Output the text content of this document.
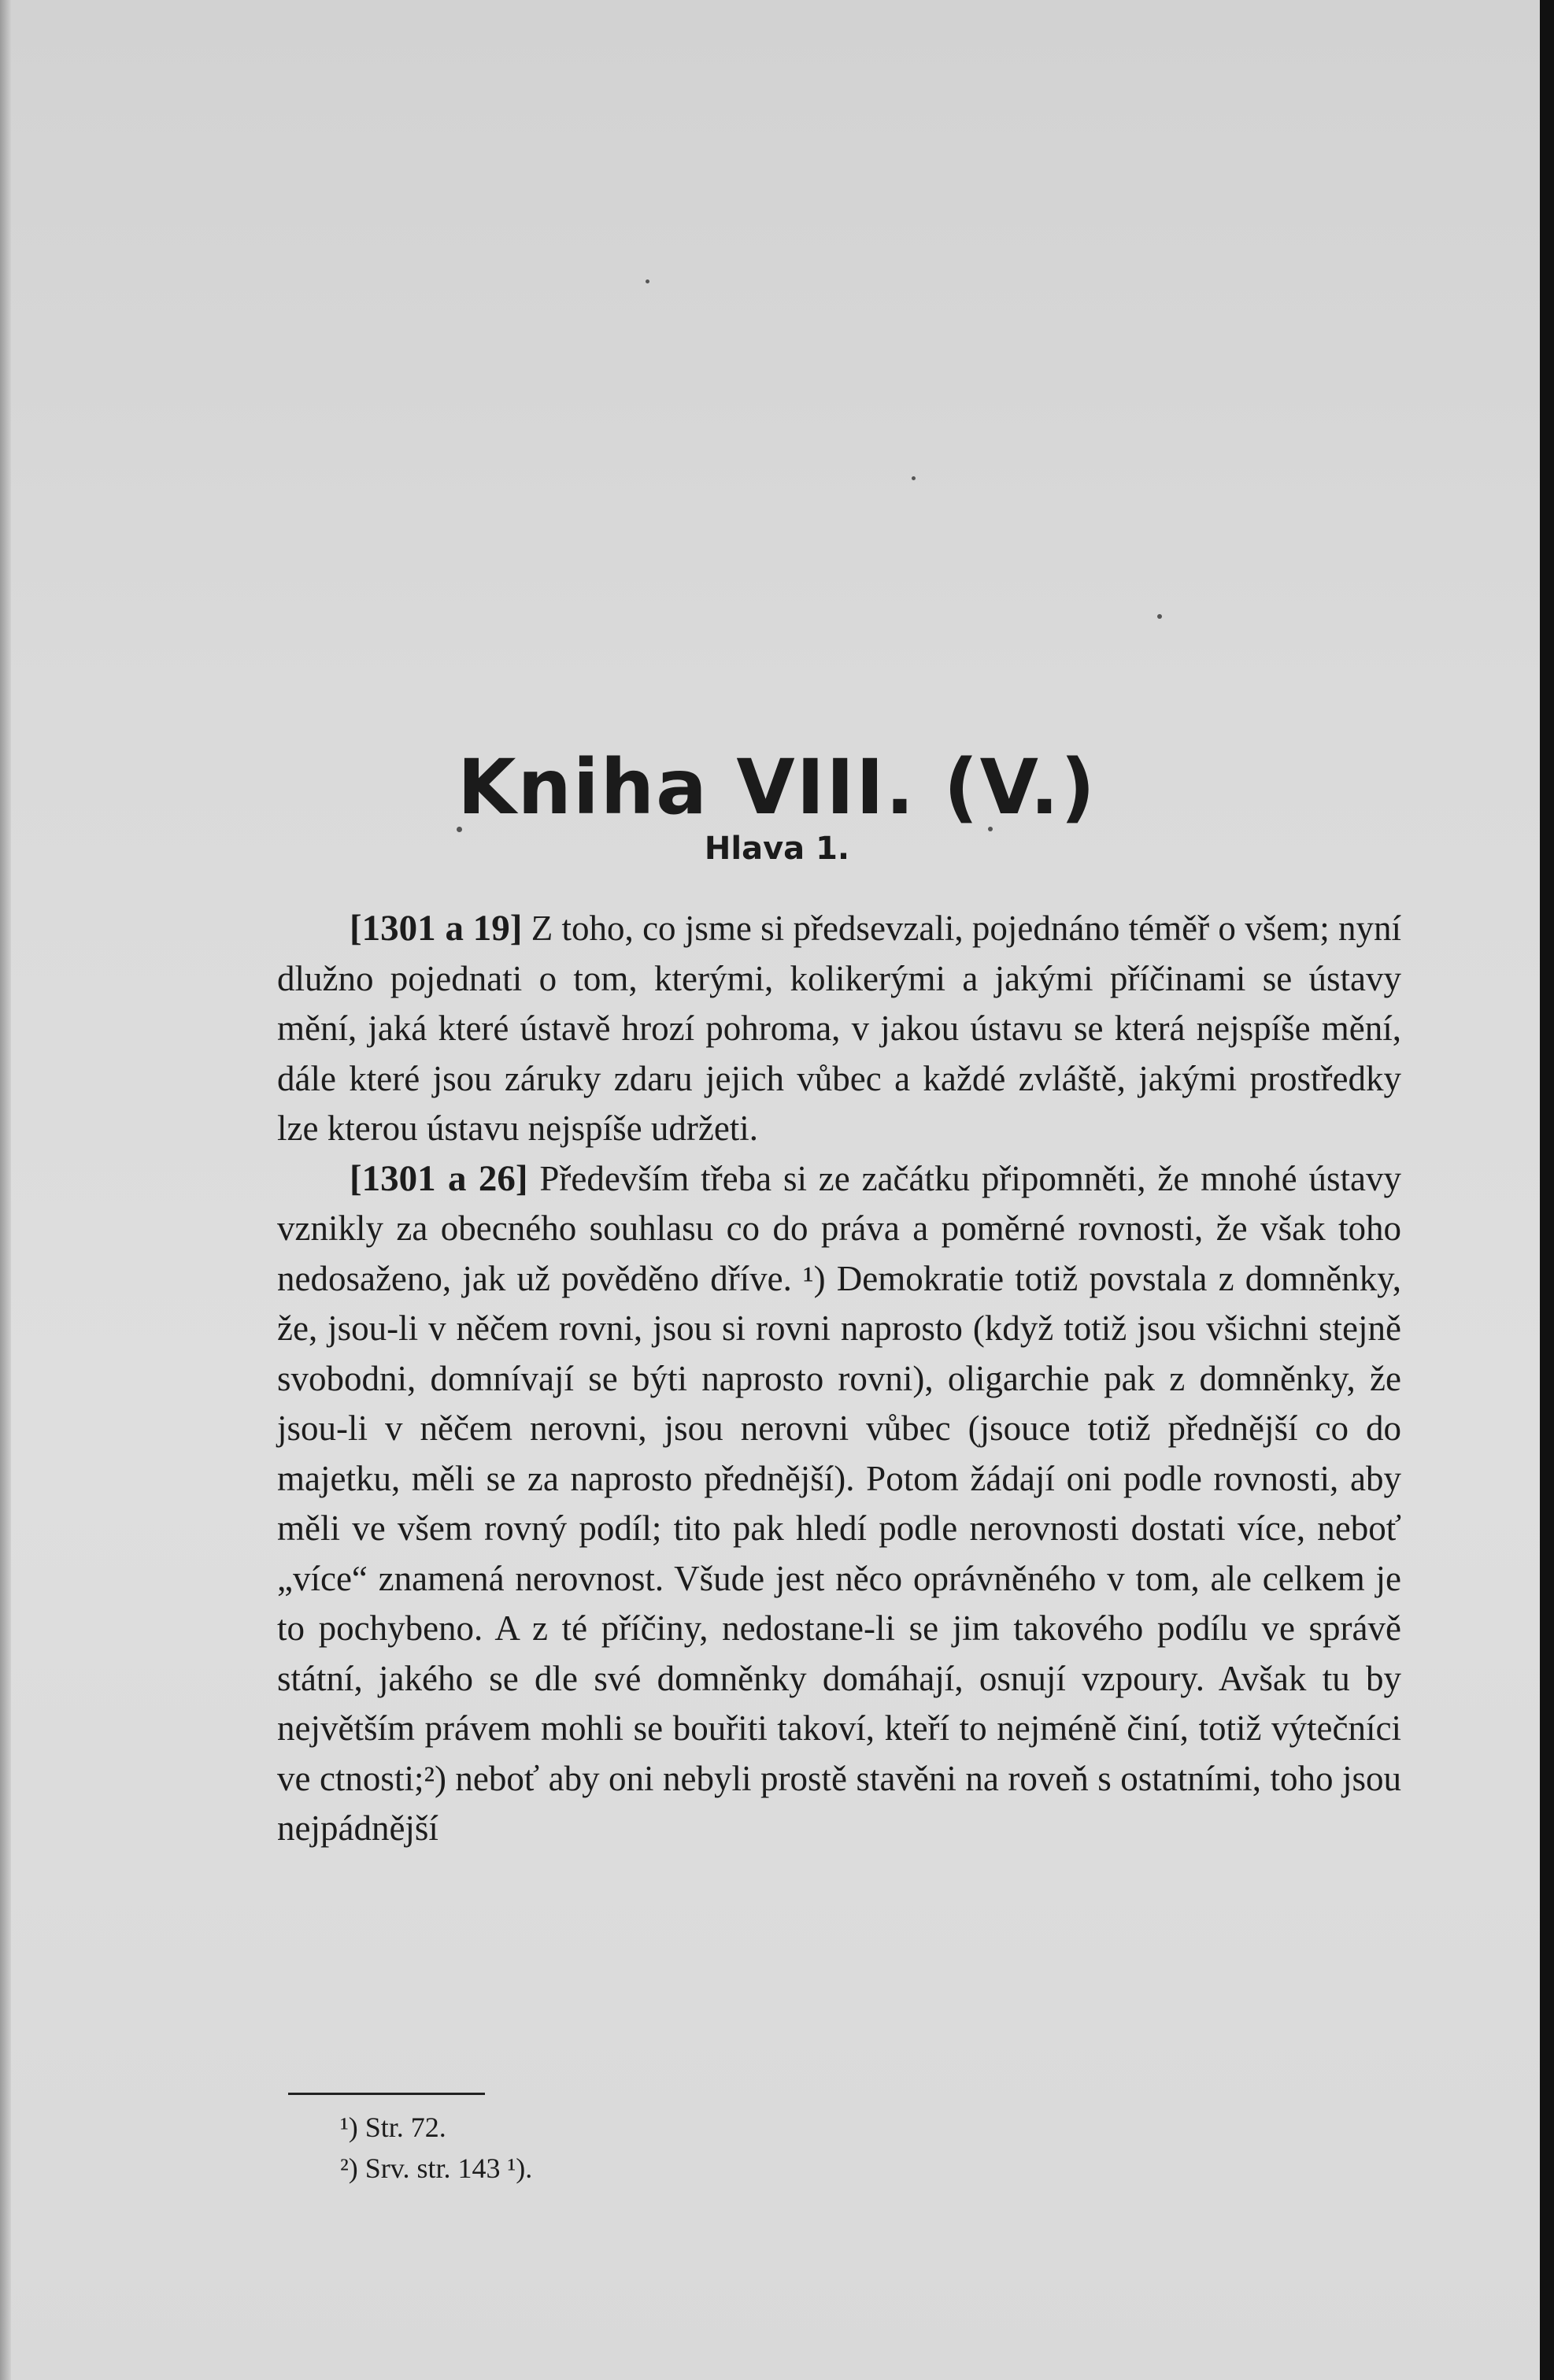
Kniha VIII. (V.)
Hlava 1.

[1301 a 19] Z toho, co jsme si předsevzali, pojednáno téměř o všem; nyní dlužno pojednati o tom, kterými, kolikerými a jakými příčinami se ústavy mění, jaká které ústavě hrozí pohroma, v jakou ústavu se která nejspíše mění, dále které jsou záruky zdaru jejich vůbec a každé zvláště, jakými prostředky lze kterou ústavu nejspíše udržeti.

[1301 a 26] Především třeba si ze začátku připomněti, že mnohé ústavy vznikly za obecného souhlasu co do práva a poměrné rovnosti, že však toho nedosaženo, jak už pověděno dříve. ¹) Demokratie totiž povstala z domněnky, že, jsou-li v něčem rovni, jsou si rovni naprosto (když totiž jsou všichni stejně svobodni, domnívají se býti naprosto rovni), oligarchie pak z domněnky, že jsou-li v něčem nerovni, jsou nerovni vůbec (jsouce totiž přednější co do majetku, měli se za naprosto přednější). Potom žádají oni podle rovnosti, aby měli ve všem rovný podíl; tito pak hledí podle nerovnosti dostati více, neboť „více“ znamená nerovnost. Všude jest něco oprávněného v tom, ale celkem je to pochybeno. A z té příčiny, nedostane-li se jim takového podílu ve správě státní, jakého se dle své domněnky domáhají, osnují vzpoury. Avšak tu by největším právem mohli se bouřiti takoví, kteří to nejméně činí, totiž výtečníci ve ctnosti;²) neboť aby oni nebyli prostě stavěni na roveň s ostatními, toho jsou nejpádnější

¹) Str. 72.
²) Srv. str. 143 ¹).
